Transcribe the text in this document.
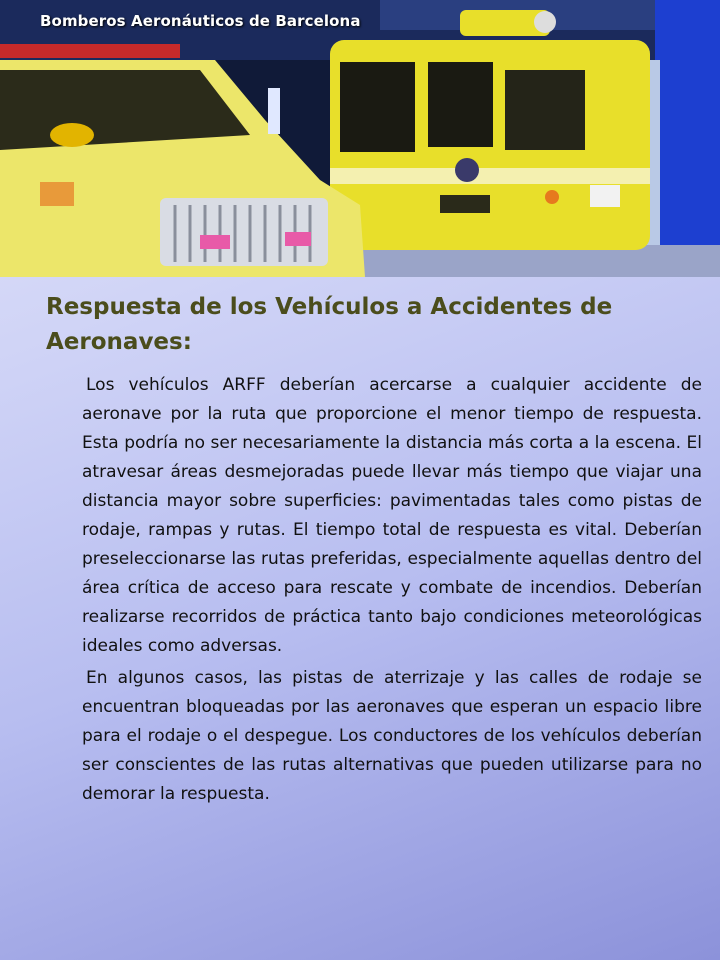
Bomberos Aeronáuticos de Barcelona
Respuesta de los Vehículos a Accidentes de Aeronaves:

Los vehículos ARFF deberían acercarse a cualquier accidente de aeronave por la ruta que proporcione el menor tiempo de respuesta. Esta podría no ser necesariamente la distancia más corta a la escena. El atravesar áreas desmejoradas puede llevar más tiempo que viajar una distancia mayor sobre superficies: pavimentadas tales como pistas de rodaje, rampas y rutas. El tiempo total de respuesta es vital. Deberían preseleccionarse las rutas preferidas, especialmente aquellas dentro del área crítica de acceso para rescate y combate de incendios. Deberían realizarse recorridos de práctica tanto bajo condiciones meteorológicas ideales como adversas.

En algunos casos, las pistas de aterrizaje y las calles de rodaje se encuentran bloqueadas por las aeronaves que esperan un espacio libre para el rodaje o el despegue. Los conductores de los vehículos deberían ser conscientes de las rutas alternativas que pueden utilizarse para no demorar la respuesta.
